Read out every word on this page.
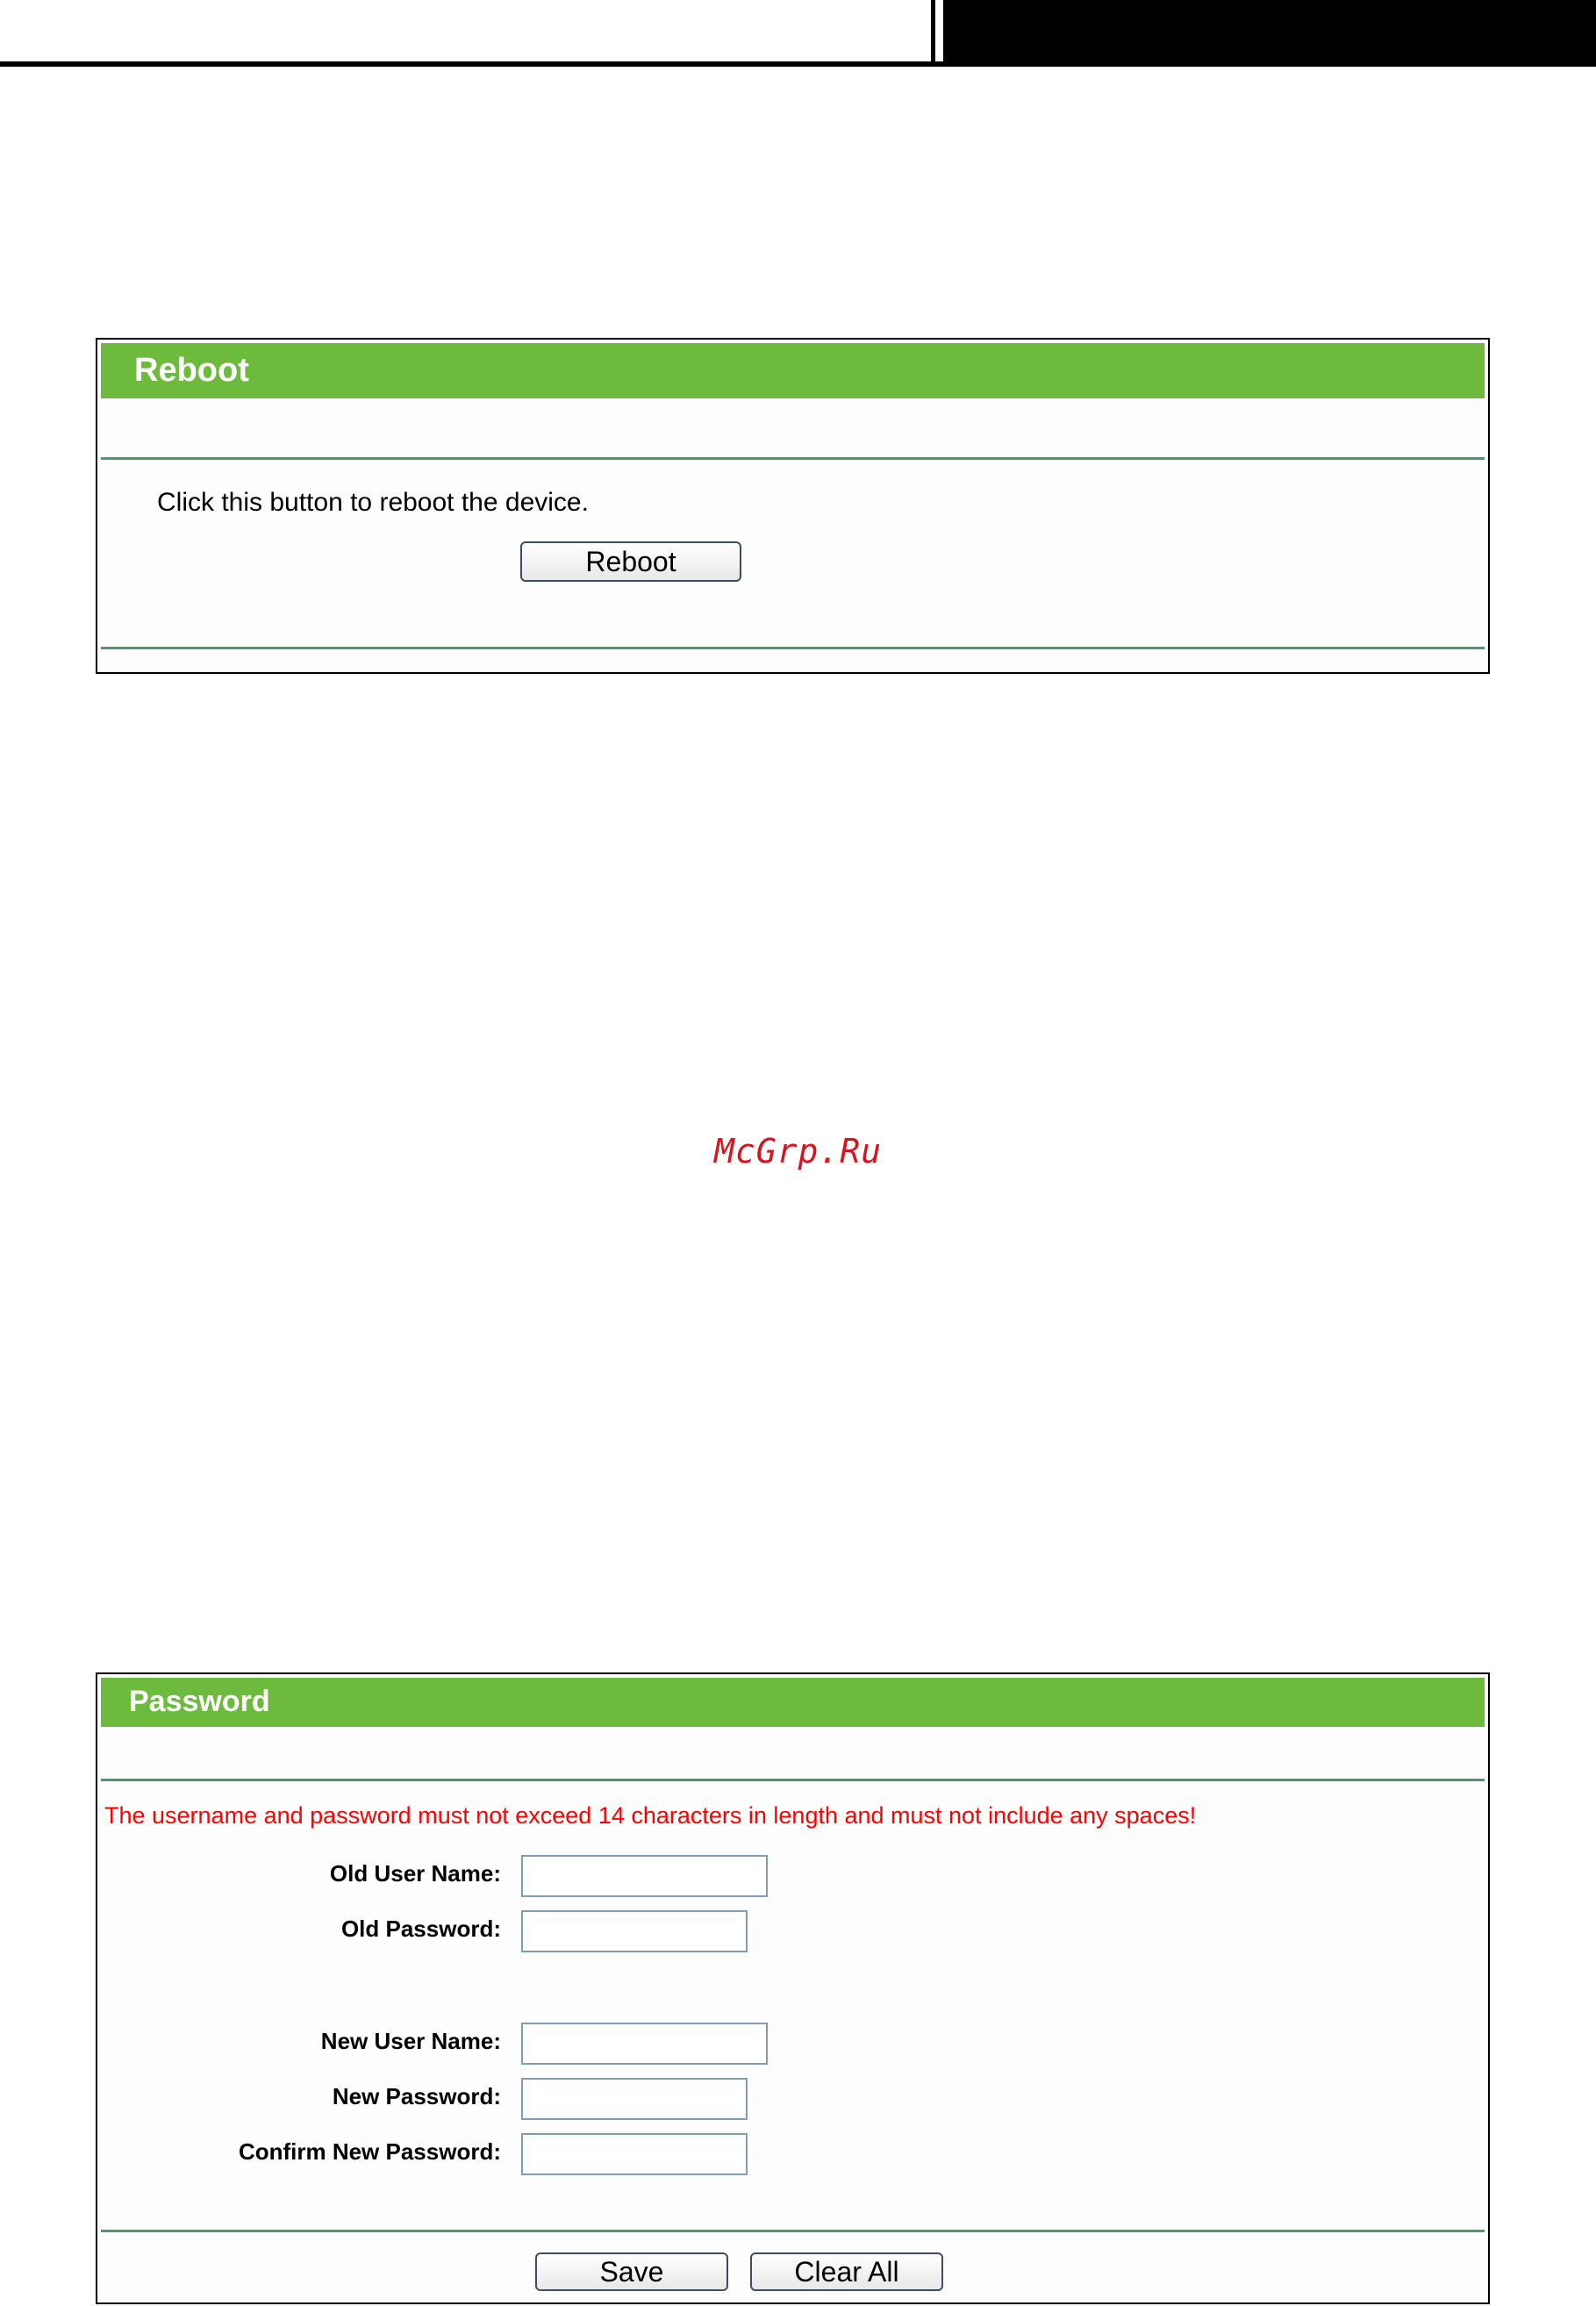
Reboot
Click this button to reboot the device.
Reboot
McGrp.Ru
Password
The username and password must not exceed 14 characters in length and must not include any spaces!
Old User Name:
Old Password:
New User Name:
New Password:
Confirm New Password:
Save	Clear All
